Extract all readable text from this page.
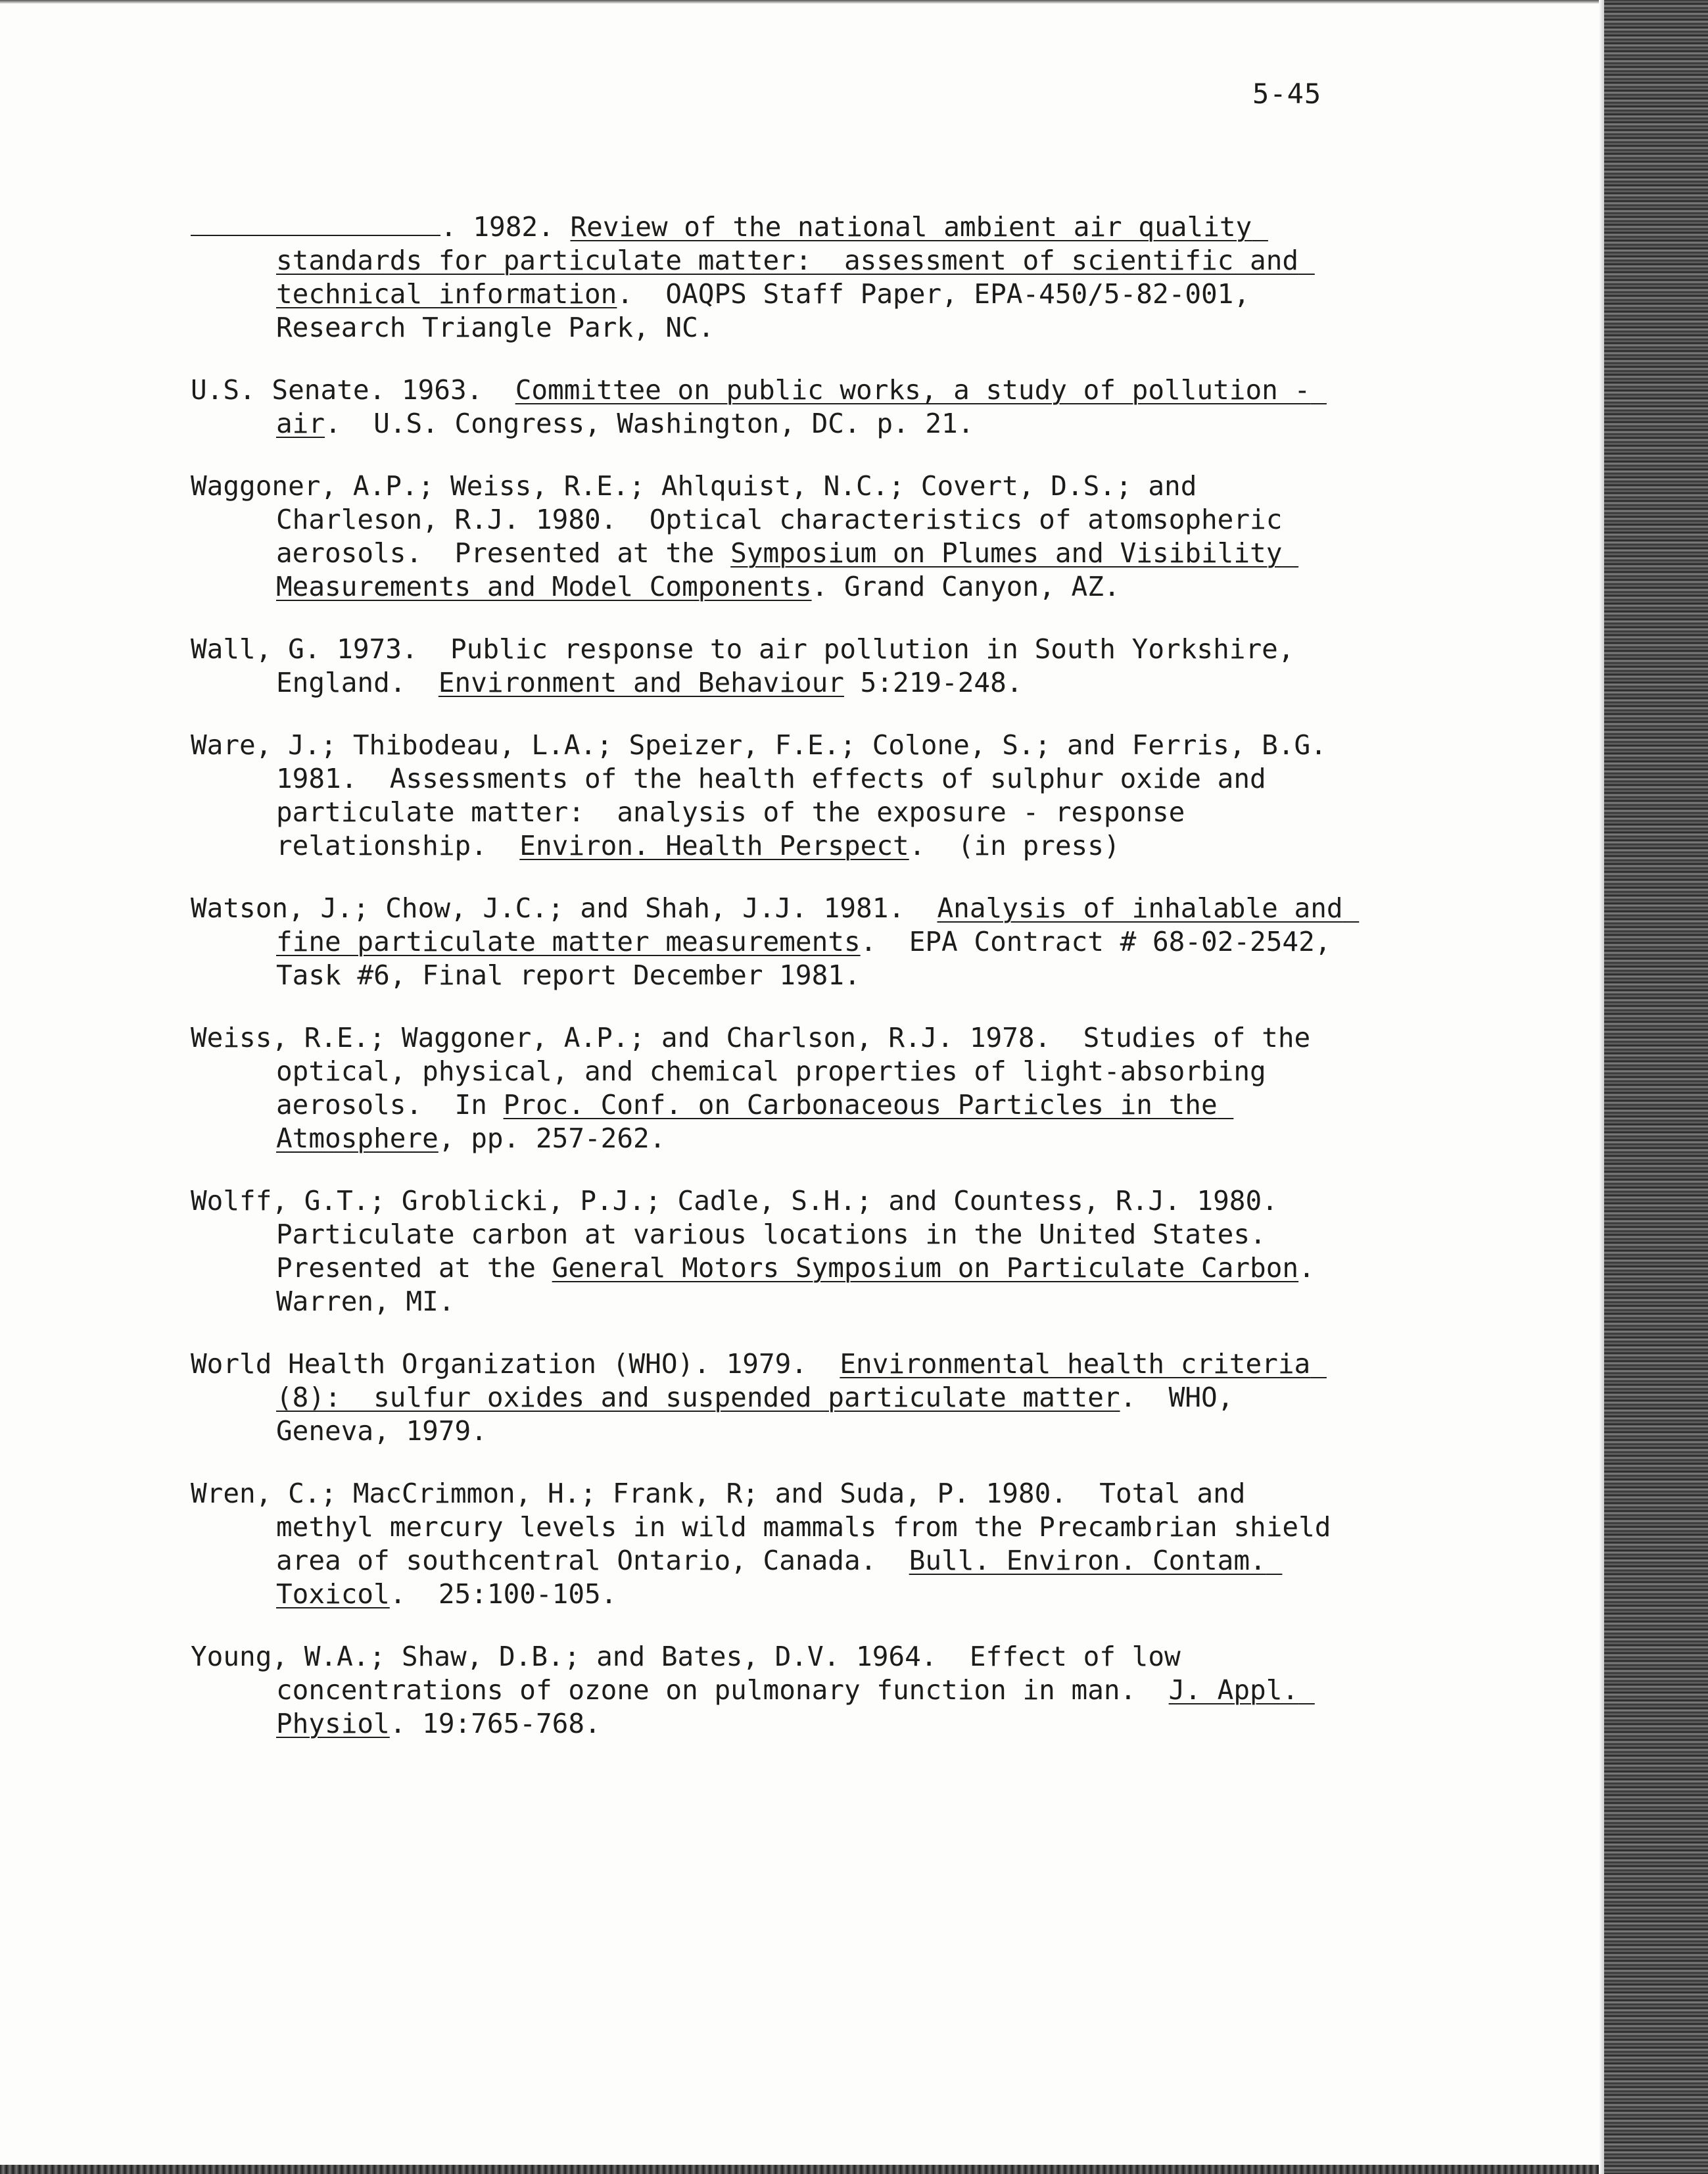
5-45

. 1982. Review of the national ambient air quality standards for particulate matter:  assessment of scientific and technical information.  OAQPS Staff Paper, EPA-450/5-82-001, Research Triangle Park, NC.

U.S. Senate. 1963.  Committee on public works, a study of pollution - air.  U.S. Congress, Washington, DC. p. 21.

Waggoner, A.P.; Weiss, R.E.; Ahlquist, N.C.; Covert, D.S.; and Charleson, R.J. 1980.  Optical characteristics of atomsopheric aerosols.  Presented at the Symposium on Plumes and Visibility Measurements and Model Components. Grand Canyon, AZ.

Wall, G. 1973.  Public response to air pollution in South Yorkshire, England.  Environment and Behaviour 5:219-248.

Ware, J.; Thibodeau, L.A.; Speizer, F.E.; Colone, S.; and Ferris, B.G. 1981.  Assessments of the health effects of sulphur oxide and particulate matter:  analysis of the exposure - response relationship.  Environ. Health Perspect.  (in press)

Watson, J.; Chow, J.C.; and Shah, J.J. 1981.  Analysis of inhalable and fine particulate matter measurements.  EPA Contract # 68-02-2542, Task #6, Final report December 1981.

Weiss, R.E.; Waggoner, A.P.; and Charlson, R.J. 1978.  Studies of the optical, physical, and chemical properties of light-absorbing aerosols.  In Proc. Conf. on Carbonaceous Particles in the Atmosphere, pp. 257-262.

Wolff, G.T.; Groblicki, P.J.; Cadle, S.H.; and Countess, R.J. 1980. Particulate carbon at various locations in the United States. Presented at the General Motors Symposium on Particulate Carbon. Warren, MI.

World Health Organization (WHO). 1979.  Environmental health criteria (8):  sulfur oxides and suspended particulate matter.  WHO, Geneva, 1979.

Wren, C.; MacCrimmon, H.; Frank, R; and Suda, P. 1980.  Total and methyl mercury levels in wild mammals from the Precambrian shield area of southcentral Ontario, Canada.  Bull. Environ. Contam. Toxicol.  25:100-105.

Young, W.A.; Shaw, D.B.; and Bates, D.V. 1964.  Effect of low concentrations of ozone on pulmonary function in man.  J. Appl. Physiol. 19:765-768.
